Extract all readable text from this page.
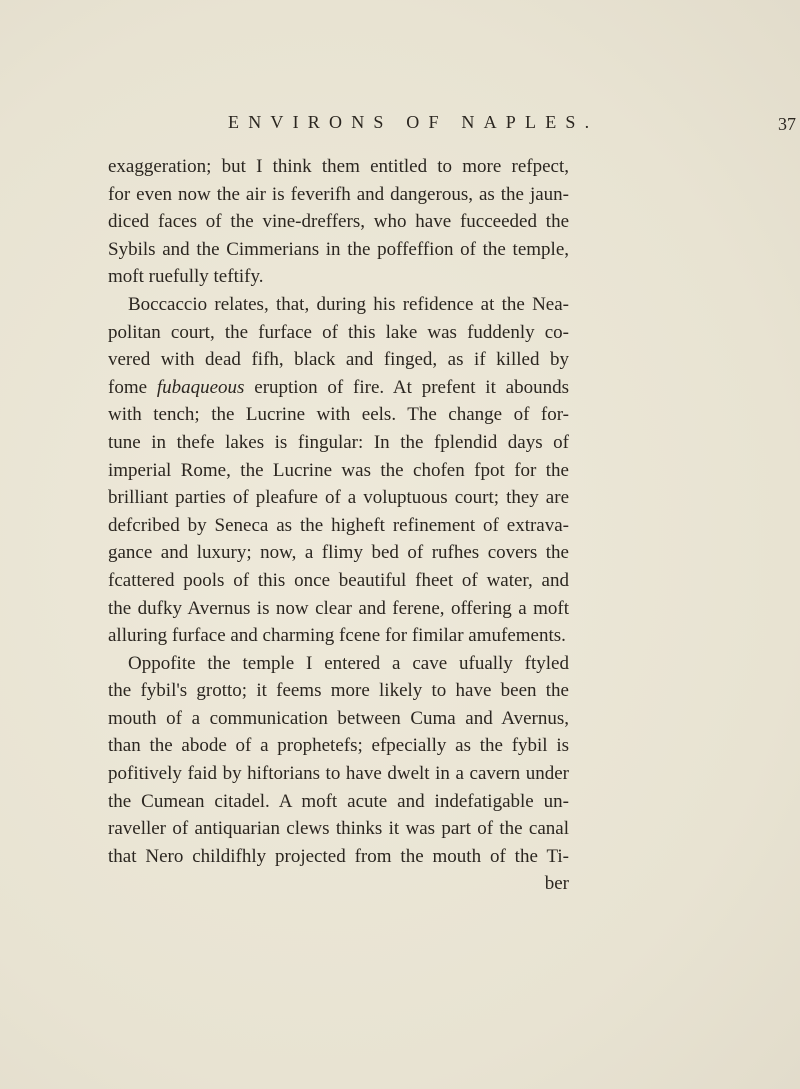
ENVIRONS OF NAPLES.	37
exaggeration; but I think them entitled to more refpect,
for even now the air is feverifh and dangerous, as the jaun-
diced faces of the vine-dreffers, who have fucceeded the
Sybils and the Cimmerians in the poffeffion of the temple,
moft ruefully teftify.
Boccaccio relates, that, during his refidence at the Nea-
politan court, the furface of this lake was fuddenly co-
vered with dead fifh, black and finged, as if killed by
fome fubaqueous eruption of fire. At prefent it abounds
with tench; the Lucrine with eels. The change of for-
tune in thefe lakes is fingular: In the fplendid days of
imperial Rome, the Lucrine was the chofen fpot for the
brilliant parties of pleafure of a voluptuous court; they are
defcribed by Seneca as the higheft refinement of extrava-
gance and luxury; now, a flimy bed of rufhes covers the
fcattered pools of this once beautiful fheet of water, and
the dufky Avernus is now clear and ferene, offering a moft
alluring furface and charming fcene for fimilar amufements.
Oppofite the temple I entered a cave ufually ftyled
the fybil's grotto; it feems more likely to have been the
mouth of a communication between Cuma and Avernus,
than the abode of a prophetefs; efpecially as the fybil is
pofitively faid by hiftorians to have dwelt in a cavern under
the Cumean citadel. A moft acute and indefatigable un-
raveller of antiquarian clews thinks it was part of the canal
that Nero childifhly projected from the mouth of the Ti-
ber
